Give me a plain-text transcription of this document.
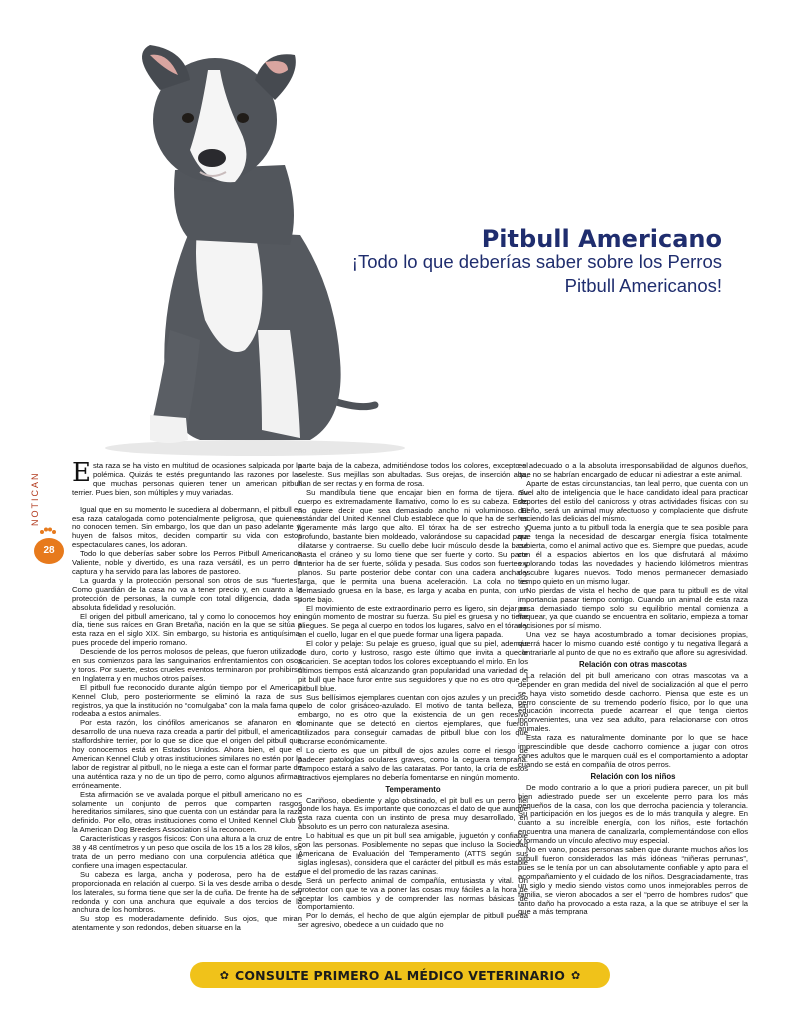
Pitbull Americano
¡Todo lo que deberías saber sobre los Perros Pitbull Americanos!
NOTICAN
28

Esta raza se ha visto en multitud de ocasiones salpicada por la polémica. Quizás te estés preguntando las razones por las que muchas personas quieren tener un american pitbull terrier. Pues bien, son múltiples y muy variadas.

Igual que en su momento le sucediera al dobermann, el pitbull es esa raza catalogada como potencialmente peligrosa, que quienes no conocen temen. Sin embargo, los que dan un paso adelante y, huyen de falsos mitos, deciden compartir su vida con estos espectaculares canes, los adoran.

Todo lo que deberías saber sobre los Perros Pitbull Americanos Valiente, noble y divertido, es una raza versátil, es un perro de captura y ha servido para las labores de pastoreo.

La guarda y la protección personal son otros de sus “fuertes”. Como guardián de la casa no va a tener precio y, en cuanto a la protección de personas, la cumple con total diligencia, dada su absoluta fidelidad y resolución.

El origen del pitbull americano, tal y como lo conocemos hoy en día, tiene sus raíces en Gran Bretaña, nación en la que se sitúa a esta raza en el siglo XIX. Sin embargo, su historia es antiquísima, pues procede del imperio romano.

Desciende de los perros molosos de peleas, que fueron utilizados en sus comienzos para las sanguinarios enfrentamientos con osos y toros. Por suerte, estos crueles eventos terminaron por prohibirse en Inglaterra y en muchos otros países.

El pitbull fue reconocido durante algún tiempo por el American Kennel Club, pero posteriormente se eliminó la raza de sus registros, ya que la institución no “comulgaba” con la mala fama que rodeaba a estos animales.

Por esta razón, los cinófilos americanos se afanaron en el desarrollo de una nueva raza creada a partir del pitbull, el american staffordshire terrier, por lo que se dice que el origen del pitbull que hoy conocemos está en Estados Unidos. Ahora bien, el que el American Kennel Club y otras instituciones similares no estén por la labor de registrar al pitbull, no le niega a este can el formar parte de una auténtica raza y no de un tipo de perro, como algunos afirman erróneamente.

Esta afirmación se ve avalada porque el pitbull americano no es solamente un conjunto de perros que comparten rasgos hereditarios similares, sino que cuenta con un estándar para la raza definido. Por ello, otras instituciones como el United Kennel Club y la American Dog Breeders Association sí la reconocen.

Características y rasgos físicos: Con una altura a la cruz de entre 38 y 48 centímetros y un peso que oscila de los 15 a los 28 kilos, se trata de un perro mediano con una corpulencia atlética que le confiere una imagen espectacular.

Su cabeza es larga, ancha y poderosa, pero ha de estar proporcionada en relación al cuerpo. Si la ves desde arriba o desde los laterales, su forma tiene que ser la de cuña. De frente ha de ser redonda y con una anchura que equivale a dos tercios de la anchura de los hombros.

Su stop es moderadamente definido. Sus ojos, que miran atentamente y son redondos, deben situarse en la

parte baja de la cabeza, admitiéndose todos los colores, excepto el celeste. Sus mejillas son abultadas. Sus orejas, de inserción alta, han de ser rectas y en forma de rosa.

Su mandíbula tiene que encajar bien en forma de tijera. Su cuerpo es extremadamente llamativo, como lo es su cabeza. Esto no quiere decir que sea demasiado ancho ni voluminoso. El estándar del United Kennel Club establece que lo que ha de ser es ligeramente más largo que alto. El tórax ha de ser estrecho y profundo, bastante bien moldeado, valorándose su capacidad para dilatarse y contraerse. Su cuello debe lucir músculo desde la base hasta el cráneo y su lomo tiene que ser fuerte y corto. Su parte anterior ha de ser fuerte, sólida y pesada. Sus codos son fuertes y planos. Su parte posterior debe contar con una cadera ancha y larga, que le permita una buena aceleración. La cola no es demasiado gruesa en la base, es larga y acaba en punta, con un porte bajo.

El movimiento de este extraordinario perro es ligero, sin dejar en ningún momento de mostrar su fuerza. Su piel es gruesa y no tiene pliegues. Se pega al cuerpo en todos los lugares, salvo en el tórax y en el cuello, lugar en el que puede formar una ligera papada.

El color y pelaje: Su pelaje es grueso, igual que su piel, además de duro, corto y lustroso, rasgo este último que invita a que le acaricien. Se aceptan todos los colores exceptuando el mirlo. En los últimos tiempos está alcanzando gran popularidad una variedad de pit bull que hace furor entre sus seguidores y que no es otro que el pitbull blue.

Sus bellísimos ejemplares cuentan con ojos azules y un precioso pelo de color grisáceo-azulado. El motivo de tanta belleza, sin embargo, no es otro que la existencia de un gen recesivo dominante que se detectó en ciertos ejemplares, que fueron utilizados para conseguir camadas de pitbull blue con los que lucrarse económicamente.

Lo cierto es que un pitbull de ojos azules corre el riesgo de padecer patologías oculares graves, como la ceguera temprana. Tampoco estará a salvo de las cataratas. Por tanto, la cría de estos atractivos ejemplares no debería fomentarse en ningún momento.

Temperamento

Cariñoso, obediente y algo obstinado, el pit bull es un perro fiel donde los haya. Es importante que conozcas el dato de que aunque esta raza cuenta con un instinto de presa muy desarrollado, en absoluto es un perro con naturaleza asesina.

Lo habitual es que un pit bull sea amigable, juguetón y confiable con las personas. Posiblemente no sepas que incluso la Sociedad Americana de Evaluación del Temperamento (ATTS según sus siglas inglesas), considera que el carácter del pitbull es más estable que el del promedio de las razas caninas.

Será un perfecto animal de compañía, entusiasta y vital. Un protector con que te va a poner las cosas muy fáciles a la hora de aceptar los cambios y de comprender las normas básicas de comportamiento.

Por lo demás, el hecho de que algún ejemplar de pitbull pueda ser agresivo, obedece a un cuidado que no

es adecuado o a la absoluta irresponsabilidad de algunos dueños, que no se habrían encargado de educar ni adiestrar a este animal.

Aparte de estas circunstancias, tan leal perro, que cuenta con un nivel alto de inteligencia que le hace candidato ideal para practicar deportes del estilo del canicross y otras actividades físicas con su dueño, será un animal muy afectuoso y complaciente que disfrute haciendo las delicias del mismo.

Quema junto a tu pitbull toda la energía que te sea posible para que tenga la necesidad de descargar energía física totalmente cubierta, como el animal activo que es. Siempre que puedas, acude con él a espacios abiertos en los que disfrutará al máximo explorando todas las novedades y haciendo kilómetros mientras descubre lugares nuevos. Todo menos permanecer demasiado tiempo quieto en un mismo lugar.

No pierdas de vista el hecho de que para tu pitbull es de vital importancia pasar tiempo contigo. Cuando un animal de esta raza pasa demasiado tiempo solo su equilibrio mental comienza a flaquear, ya que cuando se encuentra en solitario, empieza a tomar decisiones por sí mismo.

Una vez se haya acostumbrado a tomar decisiones propias, querrá hacer lo mismo cuando esté contigo y tu negativa llegará a contrariarle al punto de que no es extraño que aflore su agresividad.

Relación con otras mascotas

La relación del pit bull americano con otras mascotas va a depender en gran medida del nivel de socialización al que el perro se haya visto sometido desde cachorro. Piensa que este es un perro consciente de su tremendo poderío físico, por lo que una educación incorrecta puede acarrear el que tenga ciertos inconvenientes, una vez sea adulto, para relacionarse con otros animales.

Esta raza es naturalmente dominante por lo que se hace imprescindible que desde cachorro comience a jugar con otros canes adultos que le marquen cuál es el comportamiento a adoptar cuando se está en compañía de otros perros.

Relación con los niños

De modo contrario a lo que a priori pudiera parecer, un pit bull bien adiestrado puede ser un excelente perro para los más pequeños de la casa, con los que derrocha paciencia y tolerancia. Su participación en los juegos es de lo más tranquila y alegre. En cuanto a su increíble energía, con los niños, este fortachón encuentra una manera de canalizarla, complementándose con ellos y formando un vínculo afectivo muy especial.

No en vano, pocas personas saben que durante muchos años los pitbull fueron considerados las más idóneas “niñeras perrunas”, pues se le tenía por un can absolutamente confiable y apto para el acompañamiento y el cuidado de los niños. Desgraciadamente, tras un siglo y medio siendo vistos como unos inmejorables perros de familia, se vieron abocados a ser el “perro de hombres rudos” que tanto daño ha provocado a esta raza, a la que se atribuye el ser la que a más temprana

✿ CONSULTE PRIMERO AL MÉDICO VETERINARIO ✿
